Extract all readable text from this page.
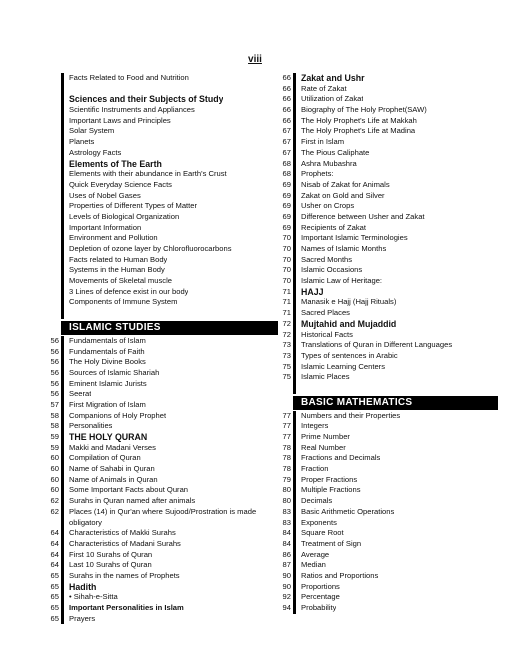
viii
Facts Related to Food and Nutrition
Sciences and their Subjects of Study
Scientific Instruments and Appliances
Important Laws and Principles
Solar System
Planets
Astrology Facts
Elements of The Earth
Elements with their abundance in Earth's Crust
Quick Everyday Science Facts
Uses of Nobel Gases
Properties of Different Types of Matter
Levels of Biological Organization
Important Information
Environment and Pollution
Depletion of ozone layer by Chlorofluorocarbons
Facts related to Human Body
Systems in the Human Body
Movements of Skeletal muscle
3 Lines of defence exist in our body
Components of Immune System
ISLAMIC STUDIES
56	Fundamentals of Islam
56	Fundamentals of Faith
56	The Holy Divine Books
56	Sources of Islamic Shariah
56	Eminent Islamic Jurists
56	Seerat
57	First Migration of Islam
58	Companions of Holy Prophet
58	Personalities
59	THE HOLY QURAN
59	Makki and Madani Verses
60	Compilation of Quran
60	Name of Sahabi in Quran
60	Name of Animals in Quran
60	Some Important Facts about Quran
62	Surahs in Quran named after animals
62	Places (14) in Qur'an where Sujood/Prostration is made obligatory
64	Characteristics of Makki Surahs
64	Characteristics of Madani Surahs
64	First 10 Surahs of Quran
64	Last 10 Surahs of Quran
65	Surahs in the names of Prophets
65	Hadith
65	• Sihah-e-Sitta
65	Important Personalities in Islam
65	Prayers
66	Zakat and Ushr
66	Rate of Zakat
66	Utilization of Zakat
66	Biography of The Holy Prophet(SAW)
66	The Holy Prophet's Life at Makkah
67	The Holy Prophet's Life at Madina
67	First in Islam
67	The Pious Caliphate
68	Ashra Mubashra
68	Prophets:
69	Nisab of Zakat for Animals
69	Zakat on Gold and Silver
69	Usher on Crops
69	Difference between Usher and Zakat
69	Recipients of Zakat
70	Important Islamic Terminologies
70	Names of Islamic Months
70	Sacred Months
70	Islamic Occasions
70	Islamic Law of Heritage:
71	HAJJ
71	Manasik e Hajj (Hajj Rituals)
71	Sacred Places
72	Mujtahid and Mujaddid
72	Historical Facts
73	Translations of Quran in Different Languages
73	Types of sentences in Arabic
75	Islamic Learning Centers
75	Islamic Places
BASIC MATHEMATICS
77	Numbers and their Properties
77	Integers
77	Prime Number
78	Real Number
78	Fractions and Decimals
78	Fraction
79	Proper Fractions
80	Multiple Fractions
80	Decimals
83	Basic Arithmetic Operations
83	Exponents
84	Square Root
84	Treatment of Sign
86	Average
87	Median
90	Ratios and Proportions
90	Proportions
92	Percentage
94	Probability
